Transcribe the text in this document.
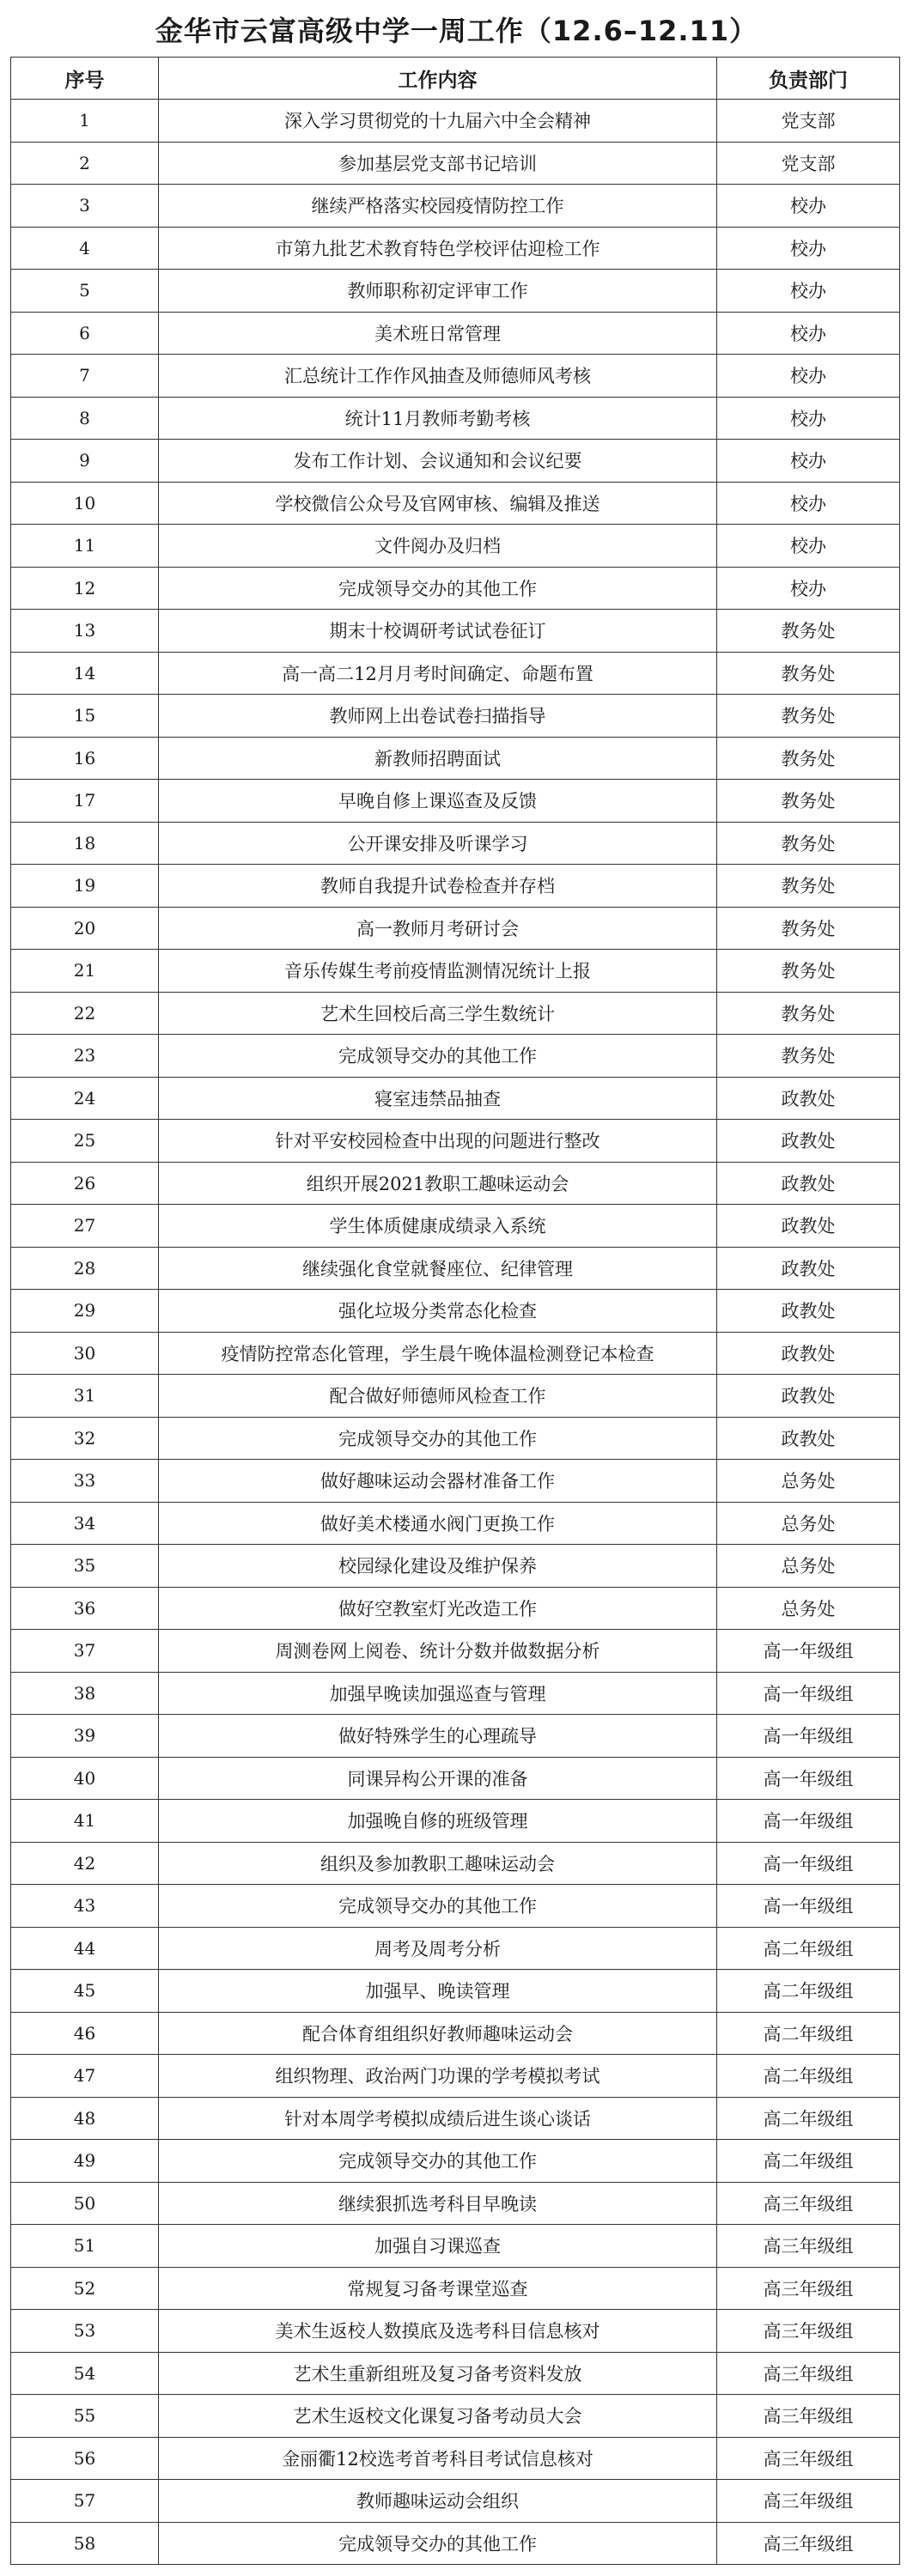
金华市云富高级中学一周工作（12.6–12.11）
序号	工作内容	负责部门
1	深入学习贯彻党的十九届六中全会精神	党支部
2	参加基层党支部书记培训	党支部
3	继续严格落实校园疫情防控工作	校办
4	市第九批艺术教育特色学校评估迎检工作	校办
5	教师职称初定评审工作	校办
6	美术班日常管理	校办
7	汇总统计工作作风抽查及师德师风考核	校办
8	统计11月教师考勤考核	校办
9	发布工作计划、会议通知和会议纪要	校办
10	学校微信公众号及官网审核、编辑及推送	校办
11	文件阅办及归档	校办
12	完成领导交办的其他工作	校办
13	期末十校调研考试试卷征订	教务处
14	高一高二12月月考时间确定、命题布置	教务处
15	教师网上出卷试卷扫描指导	教务处
16	新教师招聘面试	教务处
17	早晚自修上课巡查及反馈	教务处
18	公开课安排及听课学习	教务处
19	教师自我提升试卷检查并存档	教务处
20	高一教师月考研讨会	教务处
21	音乐传媒生考前疫情监测情况统计上报	教务处
22	艺术生回校后高三学生数统计	教务处
23	完成领导交办的其他工作	教务处
24	寝室违禁品抽查	政教处
25	针对平安校园检查中出现的问题进行整改	政教处
26	组织开展2021教职工趣味运动会	政教处
27	学生体质健康成绩录入系统	政教处
28	继续强化食堂就餐座位、纪律管理	政教处
29	强化垃圾分类常态化检查	政教处
30	疫情防控常态化管理，学生晨午晚体温检测登记本检查	政教处
31	配合做好师德师风检查工作	政教处
32	完成领导交办的其他工作	政教处
33	做好趣味运动会器材准备工作	总务处
34	做好美术楼通水阀门更换工作	总务处
35	校园绿化建设及维护保养	总务处
36	做好空教室灯光改造工作	总务处
37	周测卷网上阅卷、统计分数并做数据分析	高一年级组
38	加强早晚读加强巡查与管理	高一年级组
39	做好特殊学生的心理疏导	高一年级组
40	同课异构公开课的准备	高一年级组
41	加强晚自修的班级管理	高一年级组
42	组织及参加教职工趣味运动会	高一年级组
43	完成领导交办的其他工作	高一年级组
44	周考及周考分析	高二年级组
45	加强早、晚读管理	高二年级组
46	配合体育组组织好教师趣味运动会	高二年级组
47	组织物理、政治两门功课的学考模拟考试	高二年级组
48	针对本周学考模拟成绩后进生谈心谈话	高二年级组
49	完成领导交办的其他工作	高二年级组
50	继续狠抓选考科目早晚读	高三年级组
51	加强自习课巡查	高三年级组
52	常规复习备考课堂巡查	高三年级组
53	美术生返校人数摸底及选考科目信息核对	高三年级组
54	艺术生重新组班及复习备考资料发放	高三年级组
55	艺术生返校文化课复习备考动员大会	高三年级组
56	金丽衢12校选考首考科目考试信息核对	高三年级组
57	教师趣味运动会组织	高三年级组
58	完成领导交办的其他工作	高三年级组
